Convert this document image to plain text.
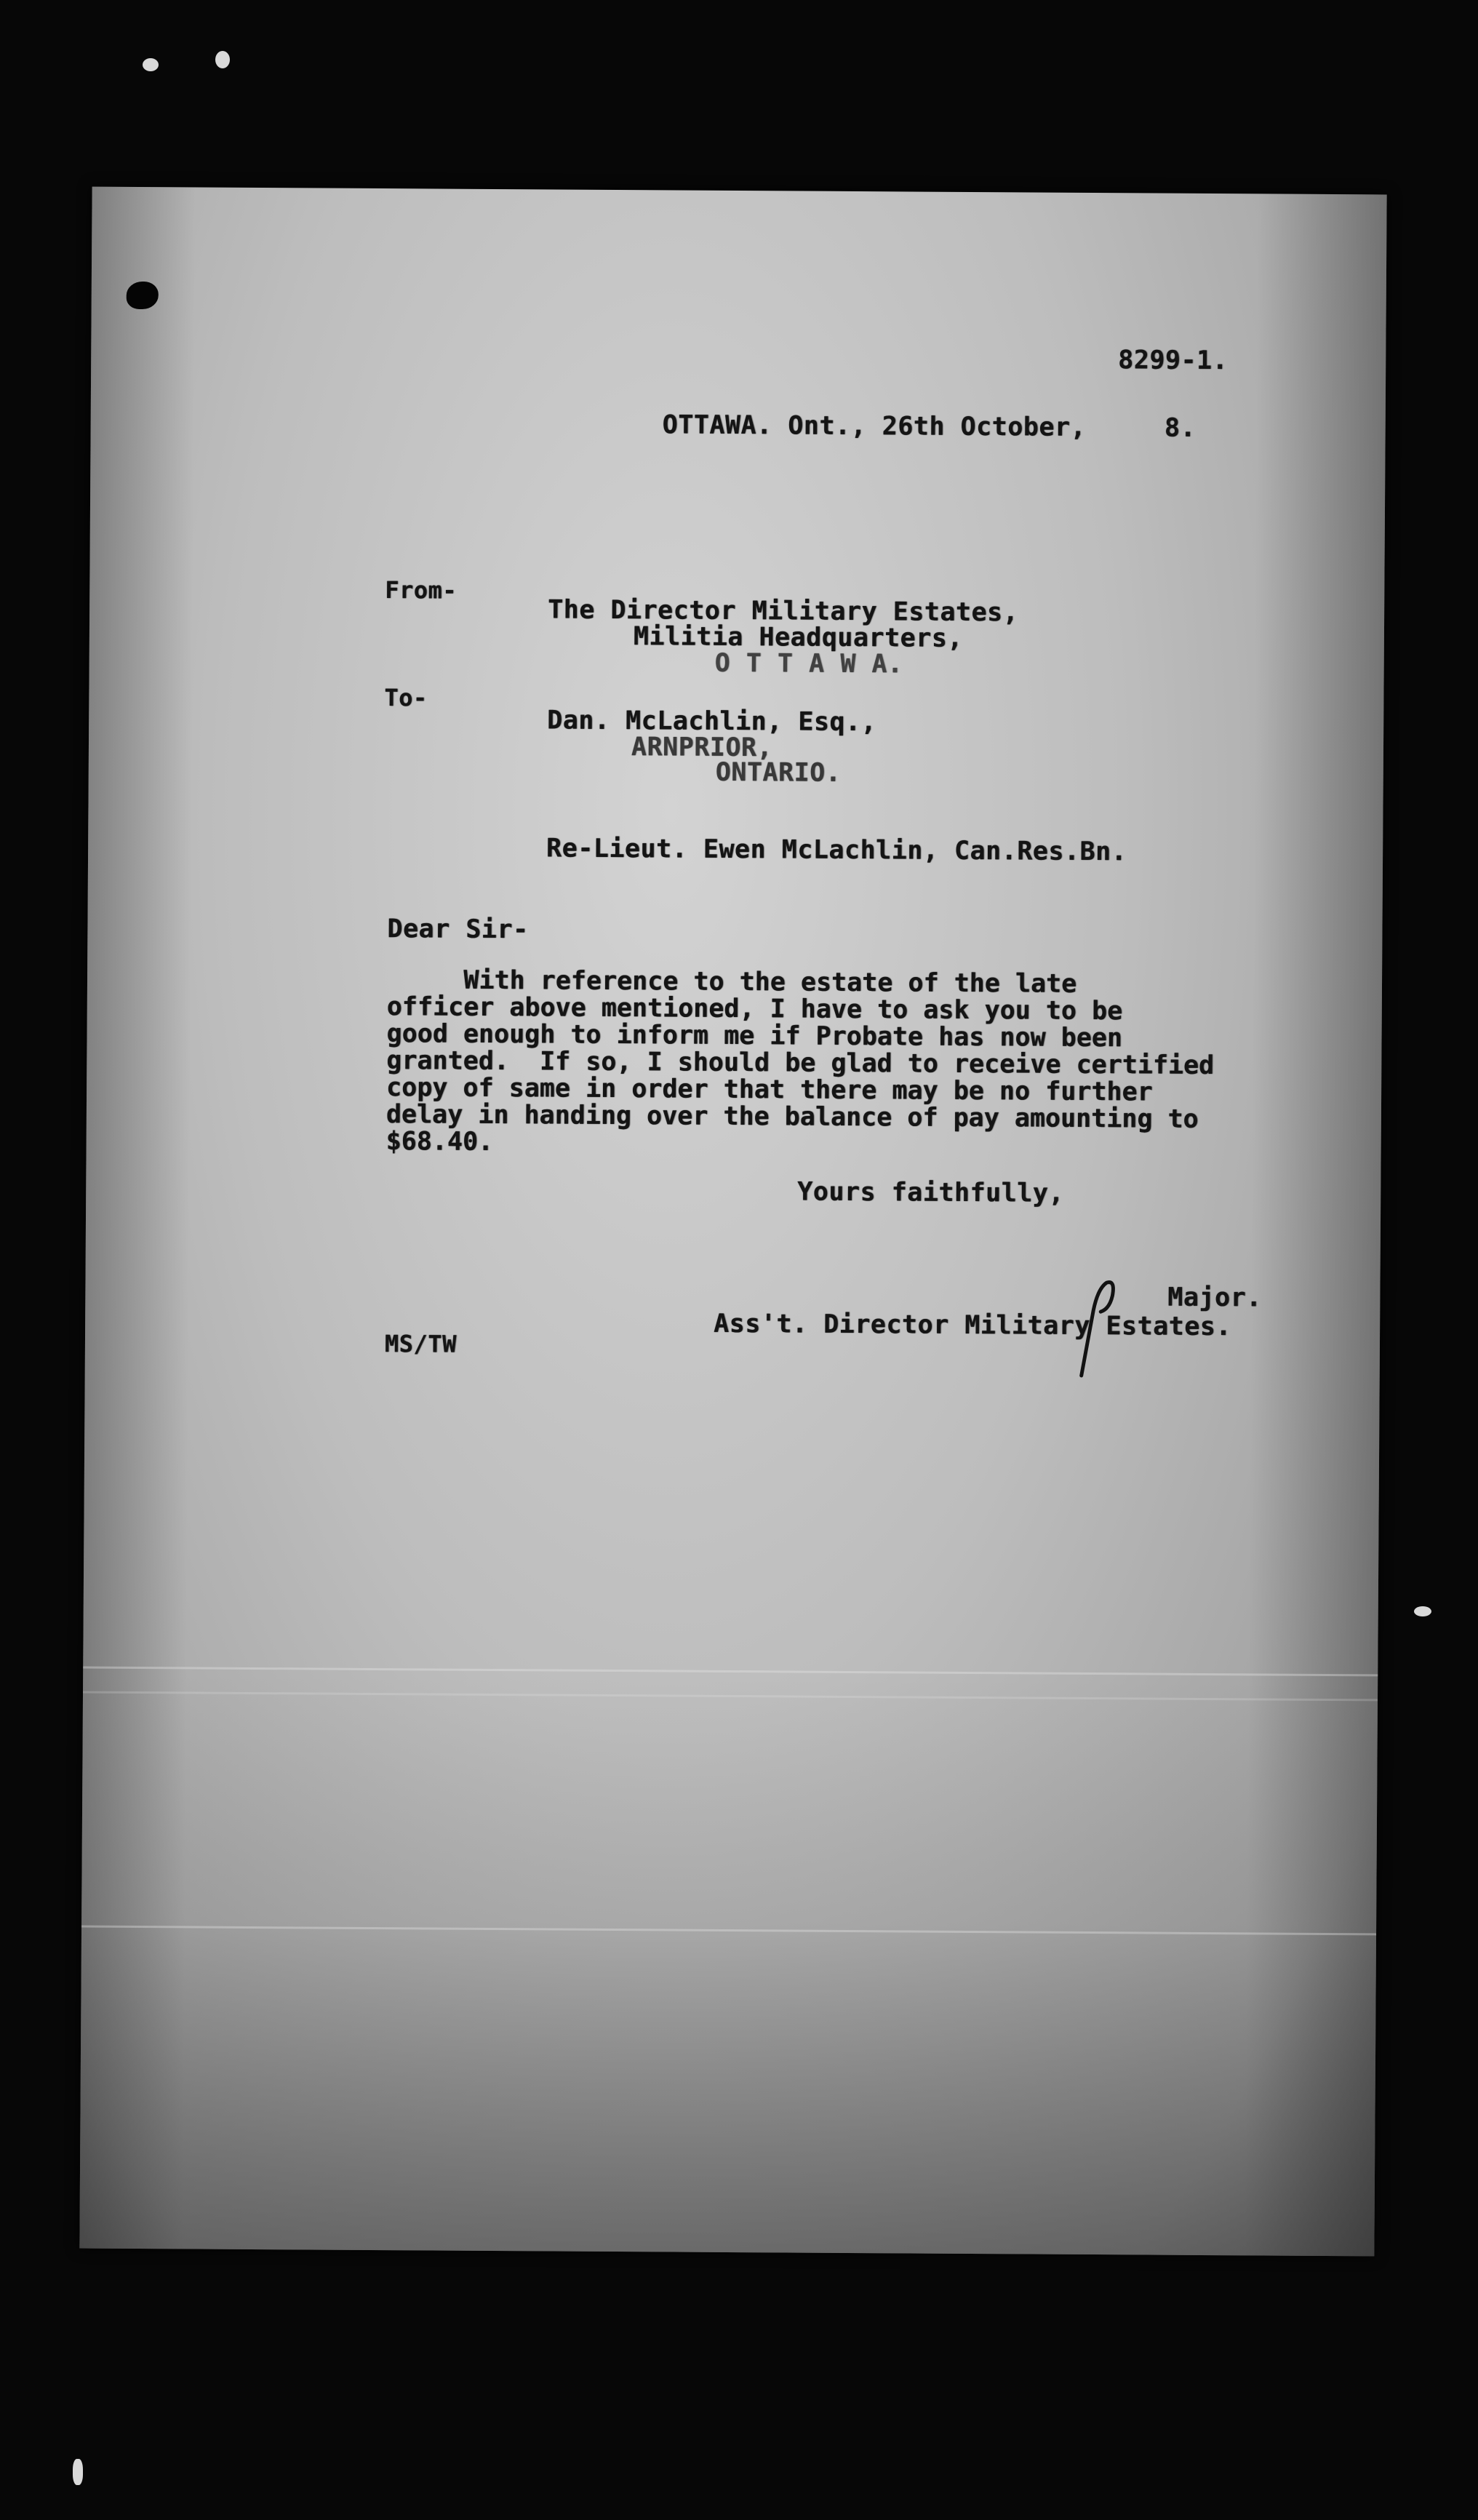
8299-1.
OTTAWA. Ont., 26th October,     8.
From-
The Director Military Estates,
Militia Headquarters,
O T T A W A.
To-
Dan. McLachlin, Esq.,
ARNPRIOR,
ONTARIO.
Re-Lieut. Ewen McLachlin, Can.Res.Bn.
Dear Sir-
With reference to the estate of the late
officer above mentioned, I have to ask you to be
good enough to inform me if Probate has now been
granted.  If so, I should be glad to receive certified
copy of same in order that there may be no further
delay in handing over the balance of pay amounting to
$68.40.
Yours faithfully,
Major.
Ass't. Director Military Estates.
MS/TW
